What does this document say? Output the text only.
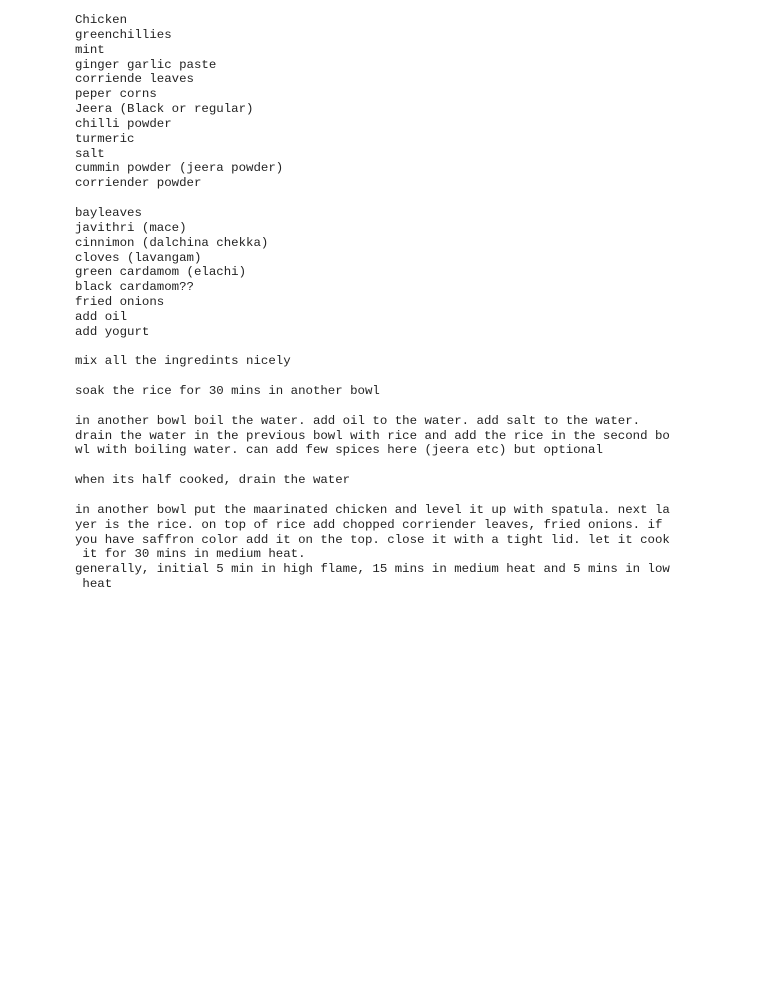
Chicken
greenchillies
mint
ginger garlic paste
corriende leaves
peper corns
Jeera (Black or regular)
chilli powder
turmeric
salt
cummin powder (jeera powder)
corriender powder
bayleaves
javithri (mace)
cinnimon (dalchina chekka)
cloves (lavangam)
green cardamom (elachi)
black cardamom??
fried onions
add oil
add yogurt
mix all the ingredints nicely
soak the rice for 30 mins in another bowl
in another bowl boil the water. add oil to the water. add salt to the water.
drain the water in the previous bowl with rice and add the rice in the second bo
wl with boiling water. can add few spices here (jeera etc) but optional
when its half cooked, drain the water
in another bowl put the maarinated chicken and level it up with spatula. next la
yer is the rice. on top of rice add chopped corriender leaves, fried onions. if
you have saffron color add it on the top. close it with a tight lid. let it cook
it for 30 mins in medium heat.
generally, initial 5 min in high flame, 15 mins in medium heat and 5 mins in low
heat
